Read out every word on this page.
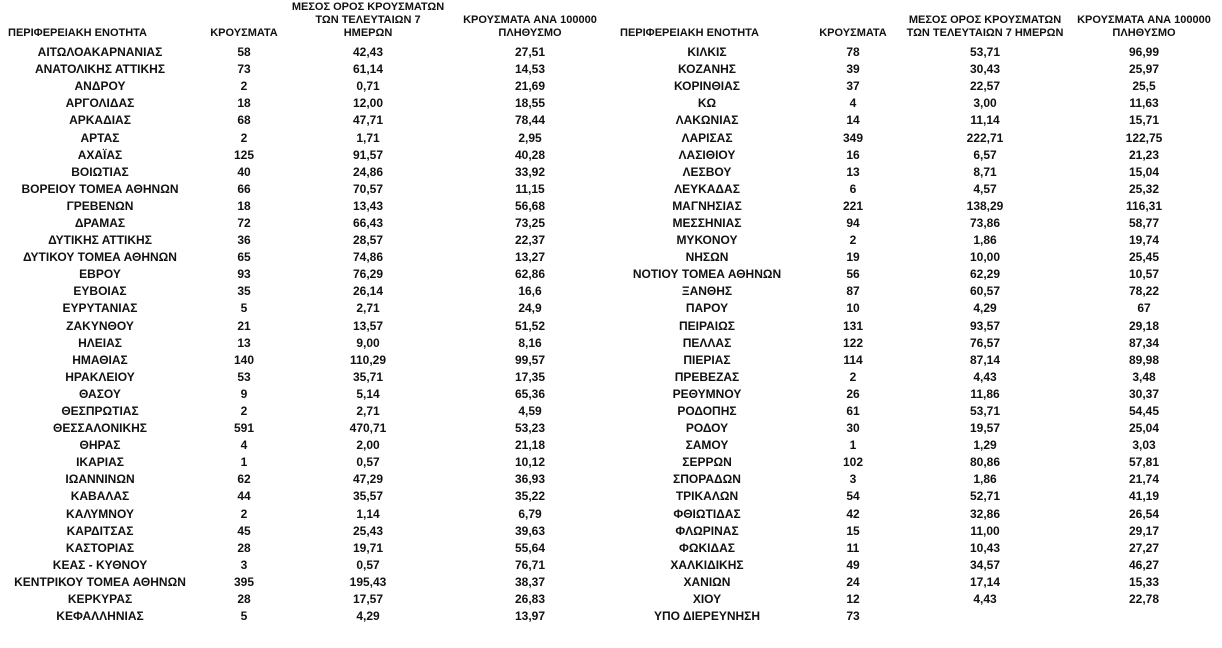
ΠΕΡΙΦΕΡΕΙΑΚΗ ΕΝΟΤΗΤΑ	ΚΡΟΥΣΜΑΤΑ	ΜΕΣΟΣ ΟΡΟΣ ΚΡΟΥΣΜΑΤΩΝ ΤΩΝ ΤΕΛΕΥΤΑΙΩΝ 7 ΗΜΕΡΩΝ	ΚΡΟΥΣΜΑΤΑ ΑΝΑ 100000 ΠΛΗΘΥΣΜΟ
ΑΙΤΩΛΟΑΚΑΡΝΑΝΙΑΣ	58	42,43	27,51
ΑΝΑΤΟΛΙΚΗΣ ΑΤΤΙΚΗΣ	73	61,14	14,53
ΑΝΔΡΟΥ	2	0,71	21,69
ΑΡΓΟΛΙΔΑΣ	18	12,00	18,55
ΑΡΚΑΔΙΑΣ	68	47,71	78,44
ΑΡΤΑΣ	2	1,71	2,95
ΑΧΑΪΑΣ	125	91,57	40,28
ΒΟΙΩΤΙΑΣ	40	24,86	33,92
ΒΟΡΕΙΟΥ ΤΟΜΕΑ ΑΘΗΝΩΝ	66	70,57	11,15
ΓΡΕΒΕΝΩΝ	18	13,43	56,68
ΔΡΑΜΑΣ	72	66,43	73,25
ΔΥΤΙΚΗΣ ΑΤΤΙΚΗΣ	36	28,57	22,37
ΔΥΤΙΚΟΥ ΤΟΜΕΑ ΑΘΗΝΩΝ	65	74,86	13,27
ΕΒΡΟΥ	93	76,29	62,86
ΕΥΒΟΙΑΣ	35	26,14	16,6
ΕΥΡΥΤΑΝΙΑΣ	5	2,71	24,9
ΖΑΚΥΝΘΟΥ	21	13,57	51,52
ΗΛΕΙΑΣ	13	9,00	8,16
ΗΜΑΘΙΑΣ	140	110,29	99,57
ΗΡΑΚΛΕΙΟΥ	53	35,71	17,35
ΘΑΣΟΥ	9	5,14	65,36
ΘΕΣΠΡΩΤΙΑΣ	2	2,71	4,59
ΘΕΣΣΑΛΟΝΙΚΗΣ	591	470,71	53,23
ΘΗΡΑΣ	4	2,00	21,18
ΙΚΑΡΙΑΣ	1	0,57	10,12
ΙΩΑΝΝΙΝΩΝ	62	47,29	36,93
ΚΑΒΑΛΑΣ	44	35,57	35,22
ΚΑΛΥΜΝΟΥ	2	1,14	6,79
ΚΑΡΔΙΤΣΑΣ	45	25,43	39,63
ΚΑΣΤΟΡΙΑΣ	28	19,71	55,64
ΚΕΑΣ - ΚΥΘΝΟΥ	3	0,57	76,71
ΚΕΝΤΡΙΚΟΥ ΤΟΜΕΑ ΑΘΗΝΩΝ	395	195,43	38,37
ΚΕΡΚΥΡΑΣ	28	17,57	26,83
ΚΕΦΑΛΛΗΝΙΑΣ	5	4,29	13,97
ΠΕΡΙΦΕΡΕΙΑΚΗ ΕΝΟΤΗΤΑ	ΚΡΟΥΣΜΑΤΑ	ΜΕΣΟΣ ΟΡΟΣ ΚΡΟΥΣΜΑΤΩΝ ΤΩΝ ΤΕΛΕΥΤΑΙΩΝ 7 ΗΜΕΡΩΝ	ΚΡΟΥΣΜΑΤΑ ΑΝΑ 100000 ΠΛΗΘΥΣΜΟ
ΚΙΛΚΙΣ	78	53,71	96,99
ΚΟΖΑΝΗΣ	39	30,43	25,97
ΚΟΡΙΝΘΙΑΣ	37	22,57	25,5
ΚΩ	4	3,00	11,63
ΛΑΚΩΝΙΑΣ	14	11,14	15,71
ΛΑΡΙΣΑΣ	349	222,71	122,75
ΛΑΣΙΘΙΟΥ	16	6,57	21,23
ΛΕΣΒΟΥ	13	8,71	15,04
ΛΕΥΚΑΔΑΣ	6	4,57	25,32
ΜΑΓΝΗΣΙΑΣ	221	138,29	116,31
ΜΕΣΣΗΝΙΑΣ	94	73,86	58,77
ΜΥΚΟΝΟΥ	2	1,86	19,74
ΝΗΣΩΝ	19	10,00	25,45
ΝΟΤΙΟΥ ΤΟΜΕΑ ΑΘΗΝΩΝ	56	62,29	10,57
ΞΑΝΘΗΣ	87	60,57	78,22
ΠΑΡΟΥ	10	4,29	67
ΠΕΙΡΑΙΩΣ	131	93,57	29,18
ΠΕΛΛΑΣ	122	76,57	87,34
ΠΙΕΡΙΑΣ	114	87,14	89,98
ΠΡΕΒΕΖΑΣ	2	4,43	3,48
ΡΕΘΥΜΝΟΥ	26	11,86	30,37
ΡΟΔΟΠΗΣ	61	53,71	54,45
ΡΟΔΟΥ	30	19,57	25,04
ΣΑΜΟΥ	1	1,29	3,03
ΣΕΡΡΩΝ	102	80,86	57,81
ΣΠΟΡΑΔΩΝ	3	1,86	21,74
ΤΡΙΚΑΛΩΝ	54	52,71	41,19
ΦΘΙΩΤΙΔΑΣ	42	32,86	26,54
ΦΛΩΡΙΝΑΣ	15	11,00	29,17
ΦΩΚΙΔΑΣ	11	10,43	27,27
ΧΑΛΚΙΔΙΚΗΣ	49	34,57	46,27
ΧΑΝΙΩΝ	24	17,14	15,33
ΧΙΟΥ	12	4,43	22,78
ΥΠΟ ΔΙΕΡΕΥΝΗΣΗ	73		
